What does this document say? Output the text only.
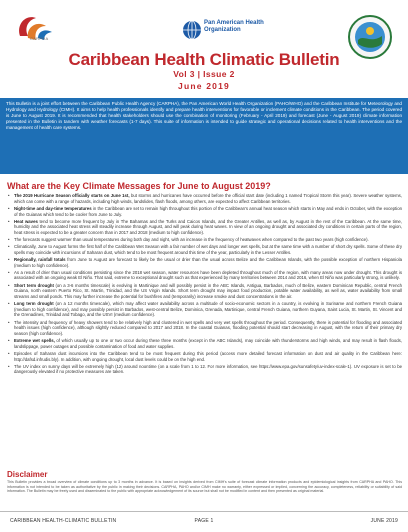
CARPHA
Pan American Health Organization
Caribbean Health Climatic Bulletin
Vol 3 | Issue 2
June 2019
This Bulletin is a joint effort between the Caribbean Public Health Agency (CARPHA), the Pan American World Health Organization (PAHO/WHO) and the Caribbean Institute for Meteorology and Hydrology and Hydrology (CIMH). It aims to help health professionals identify and prepare health interventions for favorable or inclement climate conditions in the Caribbean. The period covered is June to August 2019. It is recommended that health stakeholders should use the combination of monitoring (February - April 2019) and forecast (June - August 2019) climate information presented in the Bulletin in tandem with weather forecasts (1-7 days). This suite of information is intended to guide strategic and operational decisions related to health interventions and the management of health care systems.
What are the Key Climate Messages for June to August 2019?
• The 2019 Hurricane Season officially starts on June 1st, but storms and hurricanes have occurred before the official start date (including 1 named Tropical Storm this year). Severe weather systems, which can come with a range of hazards, including high winds, landslides, flash floods, among others, are expected to affect Caribbean territories.
• Night-time and day-time temperatures in the Caribbean are set to remain high throughout this portion of the Caribbean's annual heat season which starts in May and ends in October, with the exception of the Guianas which tend to be cooler from June to July.
• Heat waves tend to become more frequent by July in The Bahamas and the Turks and Caicos Islands, and the Greater Antilles, as well as, by August in the rest of the Caribbean. At the same time, humidity and the associated heat stress will steadily increase through August, and will peak during heat waves. In view of an ongoing drought and associated dry conditions in certain parts of the region, heat stress is expected to be a greater concern than in 2017 and 2018 (medium to high confidence).
• The forecasts suggest warmer than usual temperatures during both day and night, with an increase in the frequency of heatwaves when compared to the past two years (high confidence).
• Climatically, June to August forms the first half of the Caribbean Wet Season with a fair number of wet days and longer wet spells, but at the same time with a number of short dry spells. Some of these dry spells may coincide with incursions of Saharan dust, which tend to be most frequent around this time of the year, particularly in the Lesser Antilles.
• Regionally, rainfall totals from June to August are forecast to likely be the usual or drier than the usual across Belize and the Caribbean Islands, with the possible exception of northern Hispaniola (medium to high confidence).
• As a result of drier than usual conditions persisting since the 2018 wet season, water resources have been depleted throughout much of the region, with many areas now under drought. This drought is associated with an ongoing weak El Niño. That said, extreme to exceptional drought such as that experienced by many territories between 2014 and 2016, when El Niño was particularly strong, is unlikely.
• Short term drought (on a 3-6 months timescale) is evolving in Martinique and will possibly persist in the ABC Islands, Antigua, Barbados, much of Belize, eastern Dominican Republic, central French Guiana, north eastern Puerto Rico, St. Martin, Trinidad, and the US Virgin Islands. Short term drought may impact food production, potable water availability, as well as, water availability from small streams and small ponds. This may further increase the potential for bushfires and (temporarily) increase smoke and dust concentrations in the air.
• Long term drought (on a 12 months timescale), which may affect water availability across a multitude of socio-economic sectors in a country, is evolving in Suriname and northern French Guiana (medium to high confidence), and may possibly persist in Barbados, west-central Belize, Dominica, Grenada, Martinique, central French Guiana, northern Guyana, Saint Lucia, St. Martin, St. Vincent and the Grenadines, Trinidad and Tobago, and the USVI (medium confidence).
• The intensity and frequency of heavy showers tend to be relatively high and clustered in wet spells and very wet spells throughout the period. Consequently, there is potential for flooding and associated health issues (high confidence), although slightly reduced compared to 2017 and 2018. In the coastal Guianas, flooding potential should start decreasing in August, with the return of their primary dry season (high confidence).
• Extreme wet spells, of which usually up to one or two occur during these three months (except in the ABC Islands), may coincide with thunderstorms and high winds, and may result in flash floods, landslippage, power outages and possible contamination of food and water supplies.
• Episodes of Saharan dust incursions into the Caribbean tend to be most frequent during this period (access more detailed forecast information on dust and air quality in the Caribbean here: http://dafsd.infrudis.bly). In addition, with ongoing drought, local dust levels could be on the high end.
• The UV index on sunny days will be extremely high (12) around noontime (on a scale from 1 to 12. For more information, see https://www.epa.gov/sunsafety/uv-index-scale-1). UV exposure is set to be dangerously elevated if no protective measures are taken.
Disclaimer
This Bulletin provides a broad overview of climate conditions up to 3 months in advance. It is based on insights derived from CIMH's suite of forecast climate information products and epidemiological insights from CARPHA and PAHO. This information is not intended to be taken as authoritative by the public in making their decisions. CARPHA, PAHO and/or CIMH make no warranty, either expressed or implied, concerning the accuracy, completeness, reliability or suitability of said information. The Bulletin may be freely used and disseminated to the public with appropriate acknowledgement of its source but shall not be modified in content and then presented as original material.
CARIBBEAN HEALTH-CLIMATIC BULLETIN	PAGE 1	JUNE 2019
